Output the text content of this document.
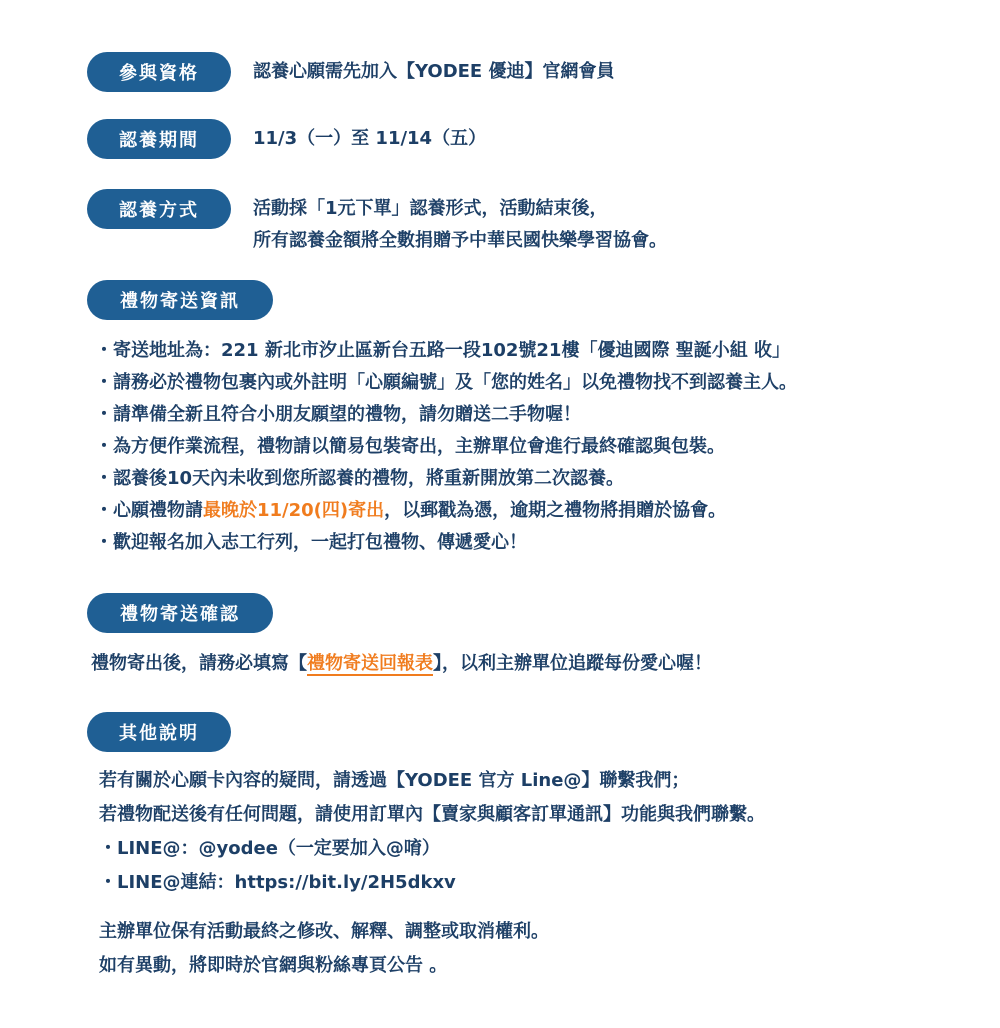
參與資格	認養心願需先加入【YODEE 優迪】官網會員
認養期間	11/3（一）至 11/14（五）
認養方式	活動採「1元下單」認養形式，活動結束後，
所有認養金額將全數捐贈予中華民國快樂學習協會。
禮物寄送資訊
・寄送地址為：221 新北市汐止區新台五路一段102號21樓「優迪國際 聖誕小組 收」
・請務必於禮物包裹內或外註明「心願編號」及「您的姓名」以免禮物找不到認養主人。
・請準備全新且符合小朋友願望的禮物，請勿贈送二手物喔！
・為方便作業流程，禮物請以簡易包裝寄出，主辦單位會進行最終確認與包裝。
・認養後10天內未收到您所認養的禮物，將重新開放第二次認養。
・心願禮物請最晚於11/20(四)寄出，以郵戳為憑，逾期之禮物將捐贈於協會。
・歡迎報名加入志工行列，一起打包禮物、傳遞愛心！
禮物寄送確認
禮物寄出後，請務必填寫【禮物寄送回報表】，以利主辦單位追蹤每份愛心喔！
其他說明
若有關於心願卡內容的疑問，請透過【YODEE 官方 Line@】聯繫我們；
若禮物配送後有任何問題，請使用訂單內【賣家與顧客訂單通訊】功能與我們聯繫。
・LINE@：@yodee（一定要加入@唷）
・LINE@連結：https://bit.ly/2H5dkxv
主辦單位保有活動最終之修改、解釋、調整或取消權利。
如有異動，將即時於官網與粉絲專頁公告 。
